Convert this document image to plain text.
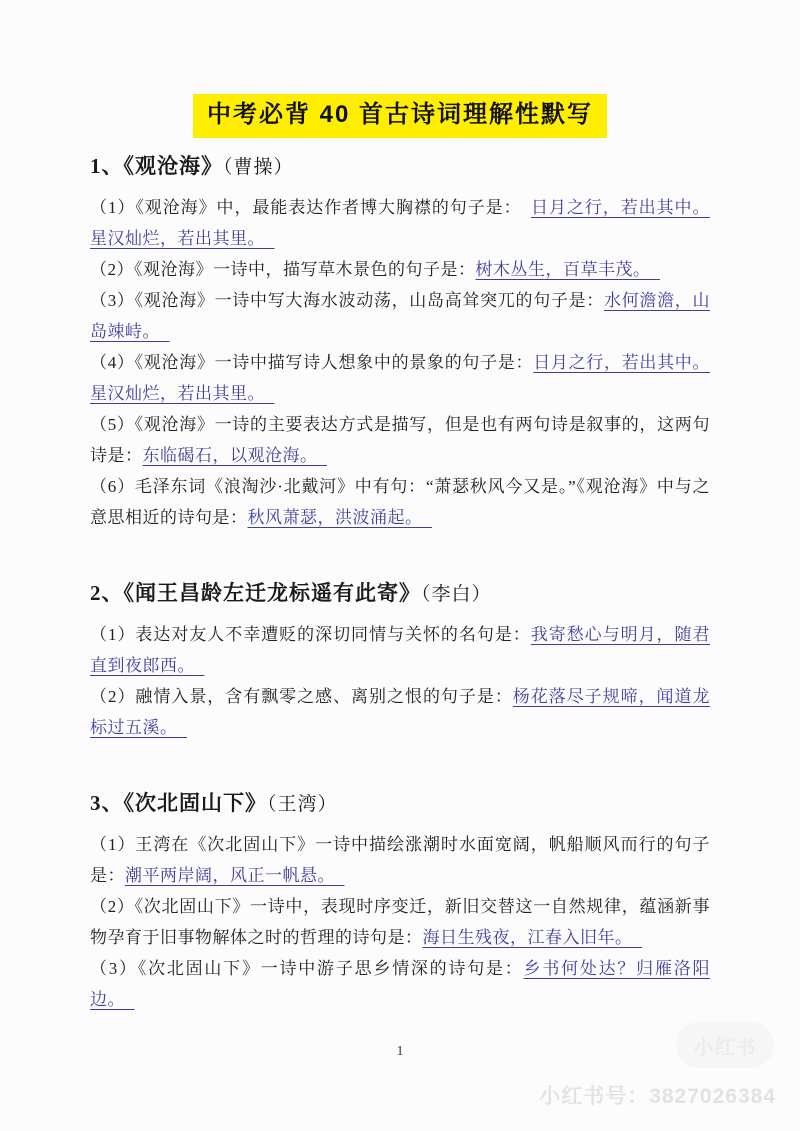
中考必背 40 首古诗词理解性默写
1、《观沧海》（曹操）

（1）《观沧海》中，最能表达作者博大胸襟的句子是：　日月之行，若出其中。星汉灿烂，若出其里。

（2）《观沧海》一诗中，描写草木景色的句子是：树木丛生，百草丰茂。

（3）《观沧海》一诗中写大海水波动荡，山岛高耸突兀的句子是：水何澹澹，山岛竦峙。

（4）《观沧海》一诗中描写诗人想象中的景象的句子是：日月之行，若出其中。星汉灿烂，若出其里。

（5）《观沧海》一诗的主要表达方式是描写，但是也有两句诗是叙事的，这两句诗是：东临碣石，以观沧海。

（6）毛泽东词《浪淘沙·北戴河》中有句：“萧瑟秋风今又是。”《观沧海》中与之意思相近的诗句是：秋风萧瑟，洪波涌起。

2、《闻王昌龄左迁龙标遥有此寄》（李白）

（1）表达对友人不幸遭贬的深切同情与关怀的名句是：我寄愁心与明月，随君直到夜郎西。

（2）融情入景，含有飘零之感、离别之恨的句子是：杨花落尽子规啼，闻道龙标过五溪。

3、《次北固山下》（王湾）

（1）王湾在《次北固山下》一诗中描绘涨潮时水面宽阔，帆船顺风而行的句子是：潮平两岸阔，风正一帆悬。

（2）《次北固山下》一诗中，表现时序变迁，新旧交替这一自然规律，蕴涵新事物孕育于旧事物解体之时的哲理的诗句是：海日生残夜，江春入旧年。

（3）《次北固山下》一诗中游子思乡情深的诗句是：乡书何处达？归雁洛阳边。

1	小红书
小红书号：3827026384
